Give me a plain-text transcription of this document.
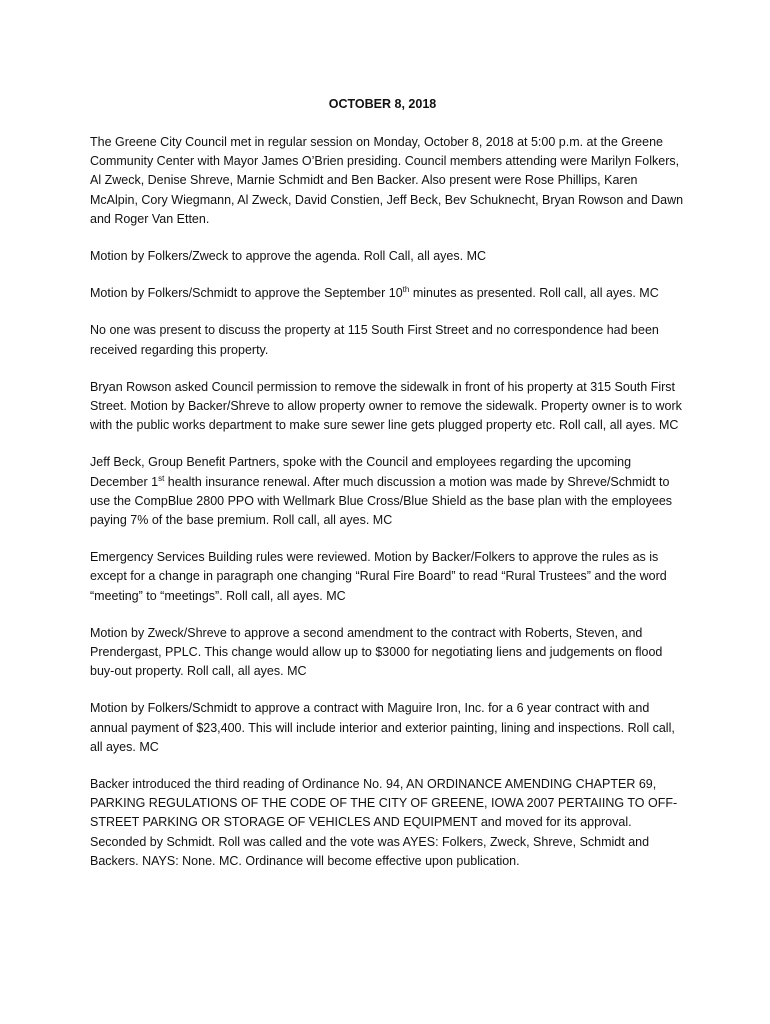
OCTOBER 8, 2018

The Greene City Council met in regular session on Monday, October 8, 2018 at 5:00 p.m. at the Greene Community Center with Mayor James O’Brien presiding. Council members attending were Marilyn Folkers, Al Zweck, Denise Shreve, Marnie Schmidt and Ben Backer. Also present were Rose Phillips, Karen McAlpin, Cory Wiegmann, Al Zweck, David Constien, Jeff Beck, Bev Schuknecht, Bryan Rowson and Dawn and Roger Van Etten.

Motion by Folkers/Zweck to approve the agenda. Roll Call, all ayes. MC

Motion by Folkers/Schmidt to approve the September 10th minutes as presented. Roll call, all ayes. MC

No one was present to discuss the property at 115 South First Street and no correspondence had been received regarding this property.

Bryan Rowson asked Council permission to remove the sidewalk in front of his property at 315 South First Street. Motion by Backer/Shreve to allow property owner to remove the sidewalk. Property owner is to work with the public works department to make sure sewer line gets plugged property etc. Roll call, all ayes. MC

Jeff Beck, Group Benefit Partners, spoke with the Council and employees regarding the upcoming December 1st health insurance renewal. After much discussion a motion was made by Shreve/Schmidt to use the CompBlue 2800 PPO with Wellmark Blue Cross/Blue Shield as the base plan with the employees paying 7% of the base premium. Roll call, all ayes. MC

Emergency Services Building rules were reviewed. Motion by Backer/Folkers to approve the rules as is except for a change in paragraph one changing “Rural Fire Board” to read “Rural Trustees” and the word “meeting” to “meetings”. Roll call, all ayes. MC

Motion by Zweck/Shreve to approve a second amendment to the contract with Roberts, Steven, and Prendergast, PPLC. This change would allow up to $3000 for negotiating liens and judgements on flood buy-out property. Roll call, all ayes. MC

Motion by Folkers/Schmidt to approve a contract with Maguire Iron, Inc. for a 6 year contract with and annual payment of $23,400. This will include interior and exterior painting, lining and inspections. Roll call, all ayes. MC

Backer introduced the third reading of Ordinance No. 94, AN ORDINANCE AMENDING CHAPTER 69, PARKING REGULATIONS OF THE CODE OF THE CITY OF GREENE, IOWA 2007 PERTAIING TO OFF-STREET PARKING OR STORAGE OF VEHICLES AND EQUIPMENT and moved for its approval. Seconded by Schmidt. Roll was called and the vote was AYES: Folkers, Zweck, Shreve, Schmidt and Backers. NAYS: None. MC. Ordinance will become effective upon publication.
